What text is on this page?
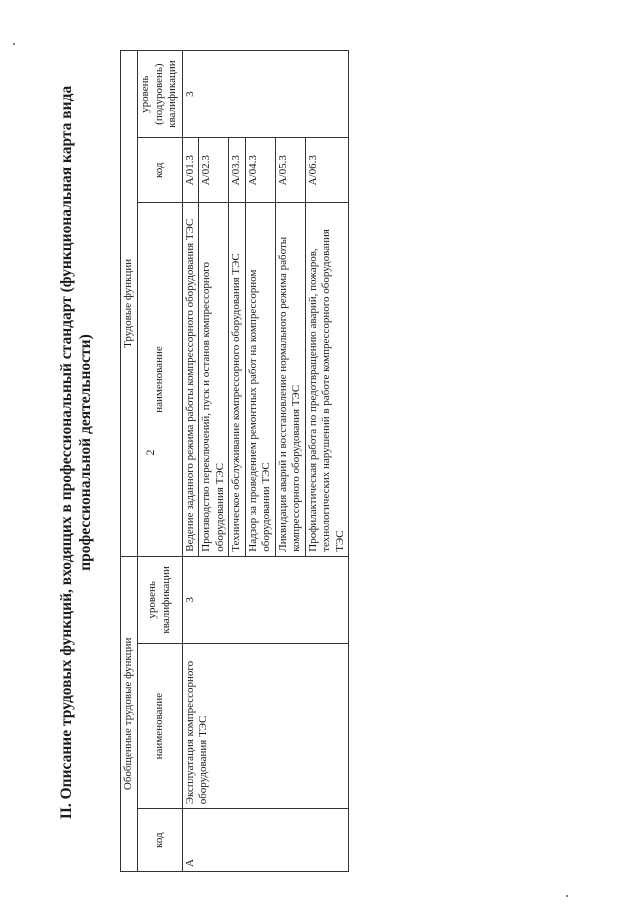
2
II. Описание трудовых функций, входящих в профессиональный стандарт (функциональная карта вида профессиональной деятельности)
Обобщенные трудовые функции			Трудовые функции		
код	наименование	уровень квалификации	наименование	код	уровень (подуровень) квалификации
А	Эксплуатация компрессорного оборудования ТЭС	3	Ведение заданного режима работы компрессорного оборудования ТЭС	A/01.3	3
			Производство переключений, пуск и останов компрессорного оборудования ТЭС	A/02.3	
			Техническое обслуживание компрессорного оборудования ТЭС	A/03.3	
			Надзор за проведением ремонтных работ на компрессорном оборудовании ТЭС	A/04.3	
			Ликвидация аварий и восстановление нормального режима работы компрессорного оборудования ТЭС	A/05.3	
			Профилактическая работа по предотвращению аварий, пожаров, технологических нарушений в работе компрессорного оборудования ТЭС	A/06.3	
